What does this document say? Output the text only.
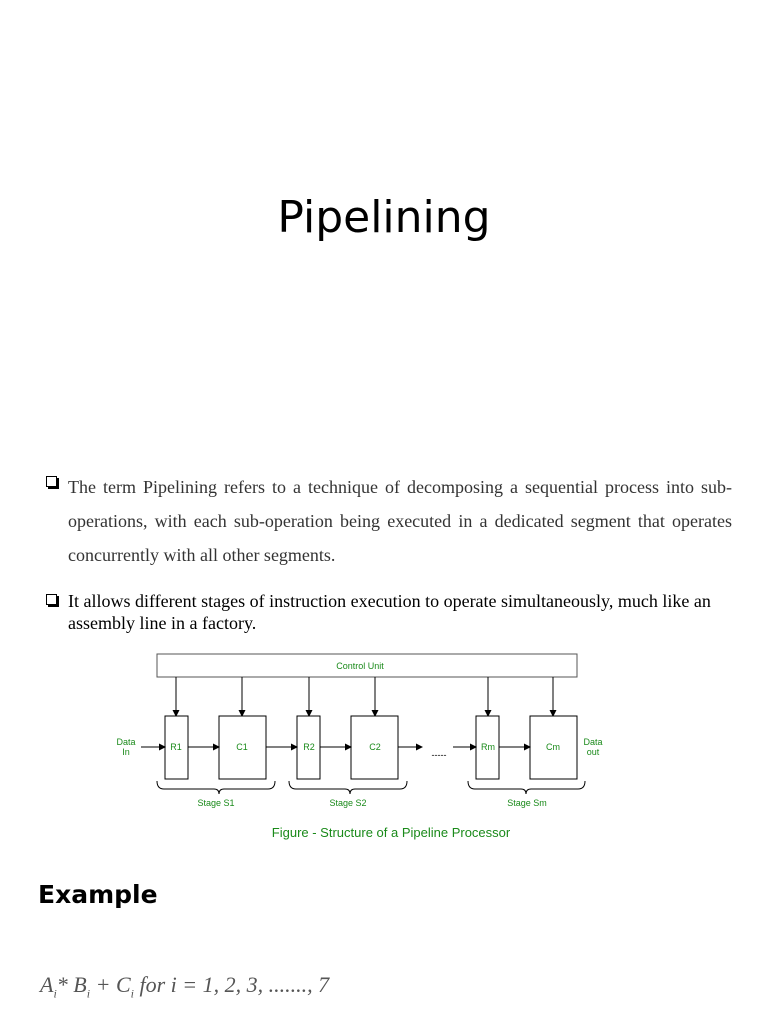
Pipelining
The term Pipelining refers to a technique of decomposing a sequential process into sub-operations, with each sub-operation being executed in a dedicated segment that operates concurrently with all other segments.
It allows different stages of instruction execution to operate simultaneously, much like an assembly line in a factory.
Control Unit
R1	C1	R2	C2	Rm	Cm
Data
In
Data
out
-----
Stage S1	Stage S2	Stage Sm
Figure - Structure of a Pipeline Processor
Example
$A_i*$ $B_i + C_i$ for i = 1, 2, 3, ......., 7
